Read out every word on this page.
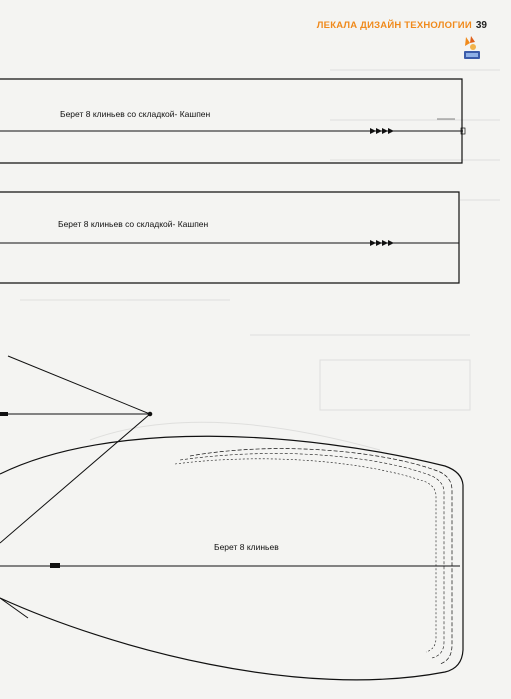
ЛЕКАЛА ДИЗАЙН ТЕХНОЛОГИИ 39
Берет 8 клиньев со складкой- Кашпен
Берет 8 клиньев со складкой- Кашпен
Берет 8 клиньев
